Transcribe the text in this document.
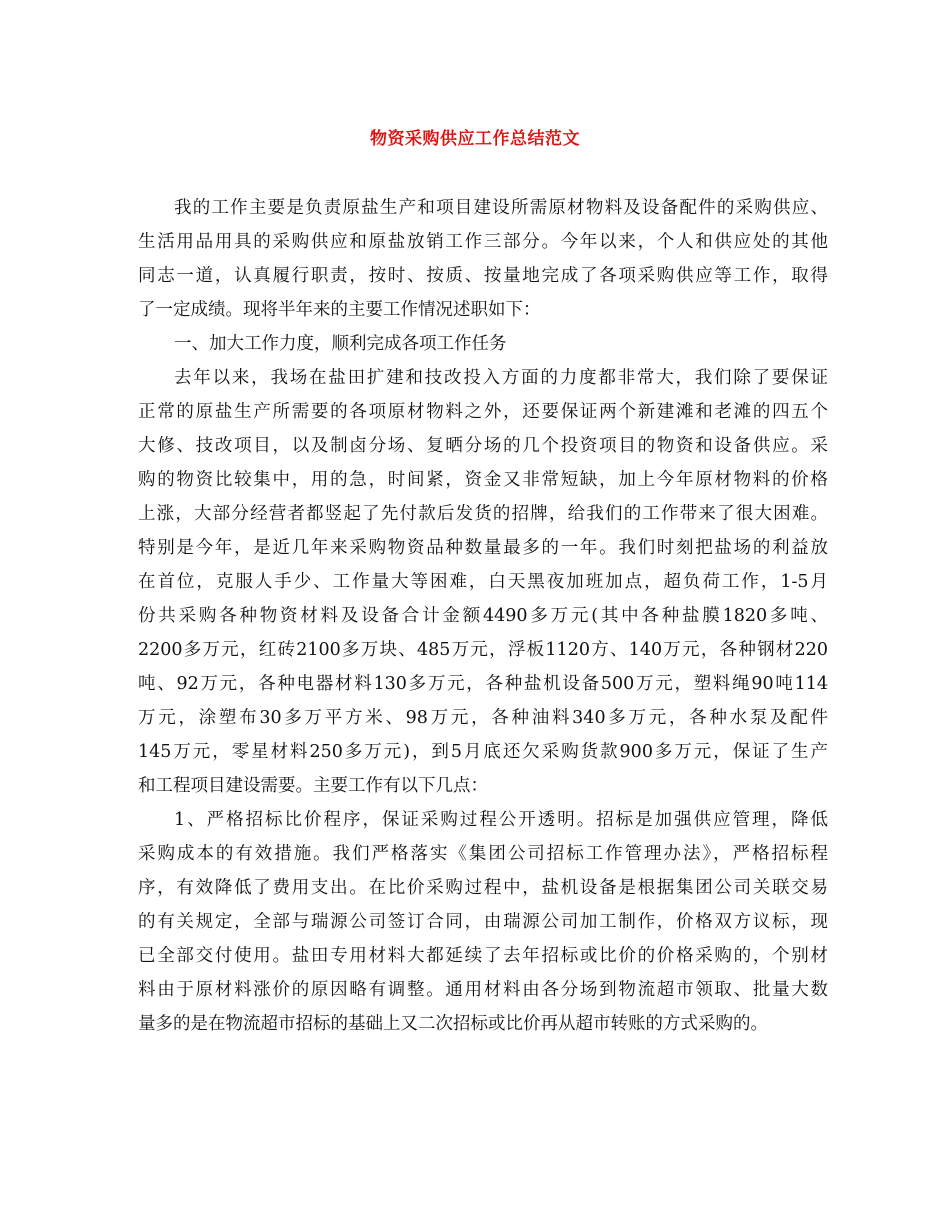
物资采购供应工作总结范文
我的工作主要是负责原盐生产和项目建设所需原材物料及设备配件的采购供应、
生活用品用具的采购供应和原盐放销工作三部分。今年以来，个人和供应处的其他
同志一道，认真履行职责，按时、按质、按量地完成了各项采购供应等工作，取得
了一定成绩。现将半年来的主要工作情况述职如下：
一、加大工作力度，顺利完成各项工作任务
去年以来，我场在盐田扩建和技改投入方面的力度都非常大，我们除了要保证
正常的原盐生产所需要的各项原材物料之外，还要保证两个新建滩和老滩的四五个
大修、技改项目，以及制卤分场、复晒分场的几个投资项目的物资和设备供应。采
购的物资比较集中，用的急，时间紧，资金又非常短缺，加上今年原材物料的价格
上涨，大部分经营者都竖起了先付款后发货的招牌，给我们的工作带来了很大困难。
特别是今年，是近几年来采购物资品种数量最多的一年。我们时刻把盐场的利益放
在首位，克服人手少、工作量大等困难，白天黑夜加班加点，超负荷工作，1-5月
份共采购各种物资材料及设备合计金额4490多万元(其中各种盐膜1820多吨、
2200多万元，红砖2100多万块、485万元，浮板1120方、140万元，各种钢材220
吨、92万元，各种电器材料130多万元，各种盐机设备500万元，塑料绳90吨114
万元，涂塑布30多万平方米、98万元，各种油料340多万元，各种水泵及配件
145万元，零星材料250多万元)，到5月底还欠采购货款900多万元，保证了生产
和工程项目建设需要。主要工作有以下几点：
1、严格招标比价程序，保证采购过程公开透明。招标是加强供应管理，降低
采购成本的有效措施。我们严格落实《集团公司招标工作管理办法》，严格招标程
序，有效降低了费用支出。在比价采购过程中，盐机设备是根据集团公司关联交易
的有关规定，全部与瑞源公司签订合同，由瑞源公司加工制作，价格双方议标，现
已全部交付使用。盐田专用材料大都延续了去年招标或比价的价格采购的，个别材
料由于原材料涨价的原因略有调整。通用材料由各分场到物流超市领取、批量大数
量多的是在物流超市招标的基础上又二次招标或比价再从超市转账的方式采购的。
